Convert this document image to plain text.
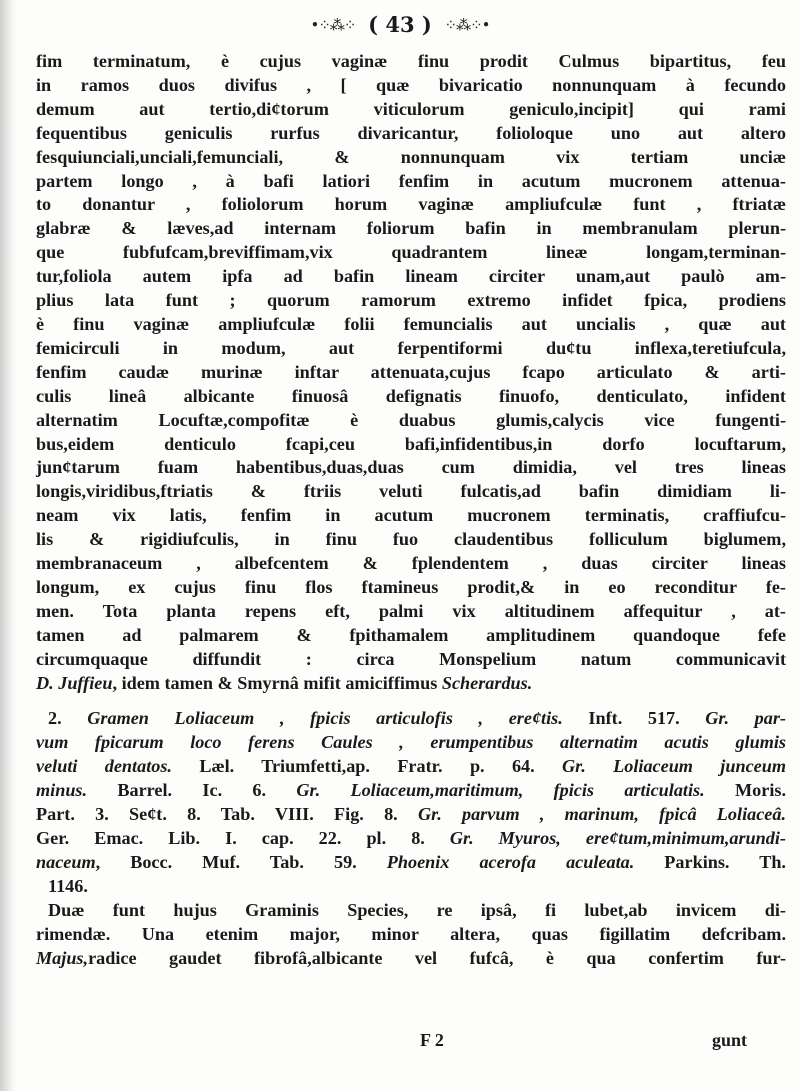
•⁘⁂⁘ ( 43 ) ⁘⁂⁘•

fim terminatum, è cujus vaginæ finu prodit Culmus bipartitus, feu
in ramos duos divifus , [ quæ bivaricatio nonnunquam à fecundo
demum aut tertio,di¢torum viticulorum geniculo,incipit] qui rami
fequentibus geniculis rurfus divaricantur, folioloque uno aut altero
fesquiunciali,unciali,femunciali, & nonnunquam vix tertiam unciæ
partem longo , à bafi latiori fenfim in acutum mucronem attenua-
to donantur , foliolorum horum vaginæ ampliufculæ funt , ftriatæ
glabræ & læves,ad internam foliorum bafin in membranulam plerun-
que fubfufcam,breviffimam,vix quadrantem lineæ longam,terminan-
tur,foliola autem ipfa ad bafin lineam circiter unam,aut paulò am-
plius lata funt ; quorum ramorum extremo infidet fpica, prodiens
è finu vaginæ ampliufculæ folii femuncialis aut uncialis , quæ aut
femicirculi in modum, aut ferpentiformi du¢tu inflexa,teretiufcula,
fenfim caudæ murinæ inftar attenuata,cujus fcapo articulato & arti-
culis lineâ albicante finuosâ defignatis finuofo, denticulato, infident
alternatim Locuftæ,compofitæ è duabus glumis,calycis vice fungenti-
bus,eidem denticulo fcapi,ceu bafi,infidentibus,in dorfo locuftarum,
jun¢tarum fuam habentibus,duas,duas cum dimidia, vel tres lineas
longis,viridibus,ftriatis & ftriis veluti fulcatis,ad bafin dimidiam li-
neam vix latis, fenfim in acutum mucronem terminatis, craffiufcu-
lis & rigidiufculis, in finu fuo claudentibus folliculum biglumem,
membranaceum , albefcentem & fplendentem , duas circiter lineas
longum, ex cujus finu flos ftamineus prodit,& in eo reconditur fe-
men. Tota planta repens eft, palmi vix altitudinem affequitur , at-
tamen ad palmarem & fpithamalem amplitudinem quandoque fefe
circumquaque diffundit : circa Monspelium natum communicavit

D. Juffieu, idem tamen & Smyrnâ mifit amiciffimus Scherardus.

2. Gramen Loliaceum , fpicis articulofis , ere¢tis. Inft. 517. Gr. par-
vum fpicarum loco ferens Caules , erumpentibus alternatim acutis glumis
veluti dentatos. Læl. Triumfetti,ap. Fratr. p. 64. Gr. Loliaceum junceum
minus. Barrel. Ic. 6. Gr. Loliaceum,maritimum, fpicis articulatis. Moris.
Part. 3. Se¢t. 8. Tab. VIII. Fig. 8. Gr. parvum , marinum, fpicâ Loliaceâ.
Ger. Emac. Lib. I. cap. 22. pl. 8. Gr. Myuros, ere¢tum,minimum,arundi-
naceum, Bocc. Muf. Tab. 59. Phoenix acerofa aculeata. Parkins. Th.
1146.

Duæ funt hujus Graminis Species, re ipsâ, fi lubet,ab invicem di-
rimendæ. Una etenim major, minor altera, quas figillatim defcribam.

Majus,radice gaudet fibrofâ,albicante vel fufcâ, è qua confertim fur-
F 2	gunt
